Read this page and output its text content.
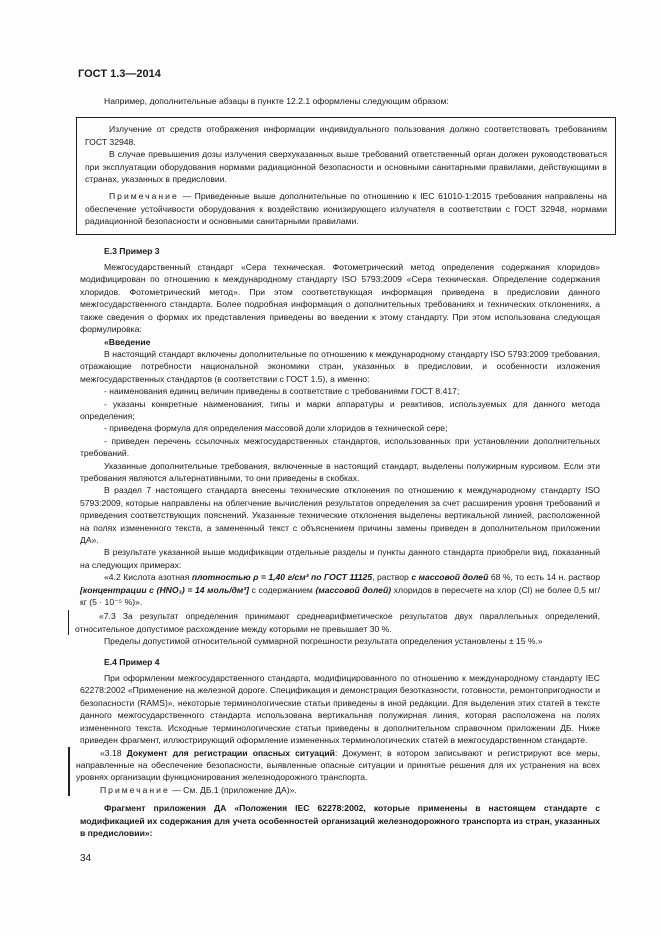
ГОСТ 1.3—2014

Например, дополнительные абзацы в пункте 12.2.1 оформлены следующим образом:

Излучение от средств отображения информации индивидуального пользования должно соответствовать требованиям ГОСТ 32948.

В случае превышения дозы излучения сверхуказанных выше требований ответственный орган должен руководствоваться при эксплуатации оборудования нормами радиационной безопасности и основными санитарными правилами, действующими в странах, указанных в предисловии.

Примечание — Приведенные выше дополнительные по отношению к IEC 61010-1:2015 требования направлены на обеспечение устойчивости оборудования к воздействию ионизирующего излучателя в соответствии с ГОСТ 32948, нормами радиационной безопасности и основными санитарными правилами.

Е.3 Пример 3

Межгосударственный стандарт «Сера техническая. Фотометрический метод определения содержания хлоридов» модифицирован по отношению к международному стандарту ISO 5793:2009 «Сера техническая. Определение содержания хлоридов. Фотометрический метод». При этом соответствующая информация приведена в предисловии данного межгосударственного стандарта. Более подробная информация о дополнительных требованиях и технических отклонениях, а также сведения о формах их представления приведены во введении к этому стандарту. При этом использована следующая формулировка:

«Введение

В настоящий стандарт включены дополнительные по отношению к международному стандарту ISO 5793:2009 требования, отражающие потребности национальной экономики стран, указанных в предисловии, и особенности изложения межгосударственных стандартов (в соответствии с ГОСТ 1.5), а именно:

- наименования единиц величин приведены в соответствие с требованиями ГОСТ 8.417;

- указаны конкретные наименования, типы и марки аппаратуры и реактивов, используемых для данного метода определения;

- приведена формула для определения массовой доли хлоридов в технической сере;

- приведен перечень ссылочных межгосударственных стандартов, использованных при установлении дополнительных требований.

Указанные дополнительные требования, включенные в настоящий стандарт, выделены полужирным курсивом. Если эти требования являются альтернативными, то они приведены в скобках.

В раздел 7 настоящего стандарта внесены технические отклонения по отношению к международному стандарту ISO 5793:2009, которые направлены на облегчение вычисления результатов определения за счет расширения уровня требований и приведения соответствующих пояснений. Указанные технические отклонения выделены вертикальной линией, расположенной на полях измененного текста, а замененный текст с объяснением причины замены приведен в дополнительном приложении ДА».

В результате указанной выше модификации отдельные разделы и пункты данного стандарта приобрели вид, показанный на следующих примерах:

«4.2 Кислота азотная плотностью ρ = 1,40 г/см³ по ГОСТ 11125, раствор с массовой долей 68 %, то есть 14 н. раствор [концентрации с (HNO₃) = 14 моль/дм³] с содержанием (массовой долей) хлоридов в пересчете на хлор (Cl) не более 0,5 мг/кг (5 · 10⁻⁵ %)».

«7.3 За результат определения принимают среднеарифметическое результатов двух параллельных определений, относительное допустимое расхождение между которыми не превышает 30 %.

Пределы допустимой относительной суммарной погрешности результата определения установлены ± 15 %.»

Е.4 Пример 4

При оформлении межгосударственного стандарта, модифицированного по отношению к международному стандарту IEC 62278:2002 «Применение на железной дороге. Спецификация и демонстрация безотказности, готовности, ремонтопригодности и безопасности (RAMS)», некоторые терминологические статьи приведены в иной редакции. Для выделения этих статей в тексте данного межгосударственного стандарта использована вертикальная полужирная линия, которая расположена на полях измененного текста. Исходные терминологические статьи приведены в дополнительном справочном приложении ДБ. Ниже приведен фрагмент, иллюстрирующий оформление измененных терминологических статей в межгосударственном стандарте.

«3.18 Документ для регистрации опасных ситуаций: Документ, в котором записывают и регистрируют все меры, направленные на обеспечение безопасности, выявленные опасные ситуации и принятые решения для их устранения на всех уровнях организации функционирования железнодорожного транспорта.

Примечание — См. ДБ.1 (приложение ДА)».

Фрагмент приложения ДА «Положения IEC 62278:2002, которые применены в настоящем стандарте с модификацией их содержания для учета особенностей организаций железнодорожного транспорта из стран, указанных в предисловии»:

34
